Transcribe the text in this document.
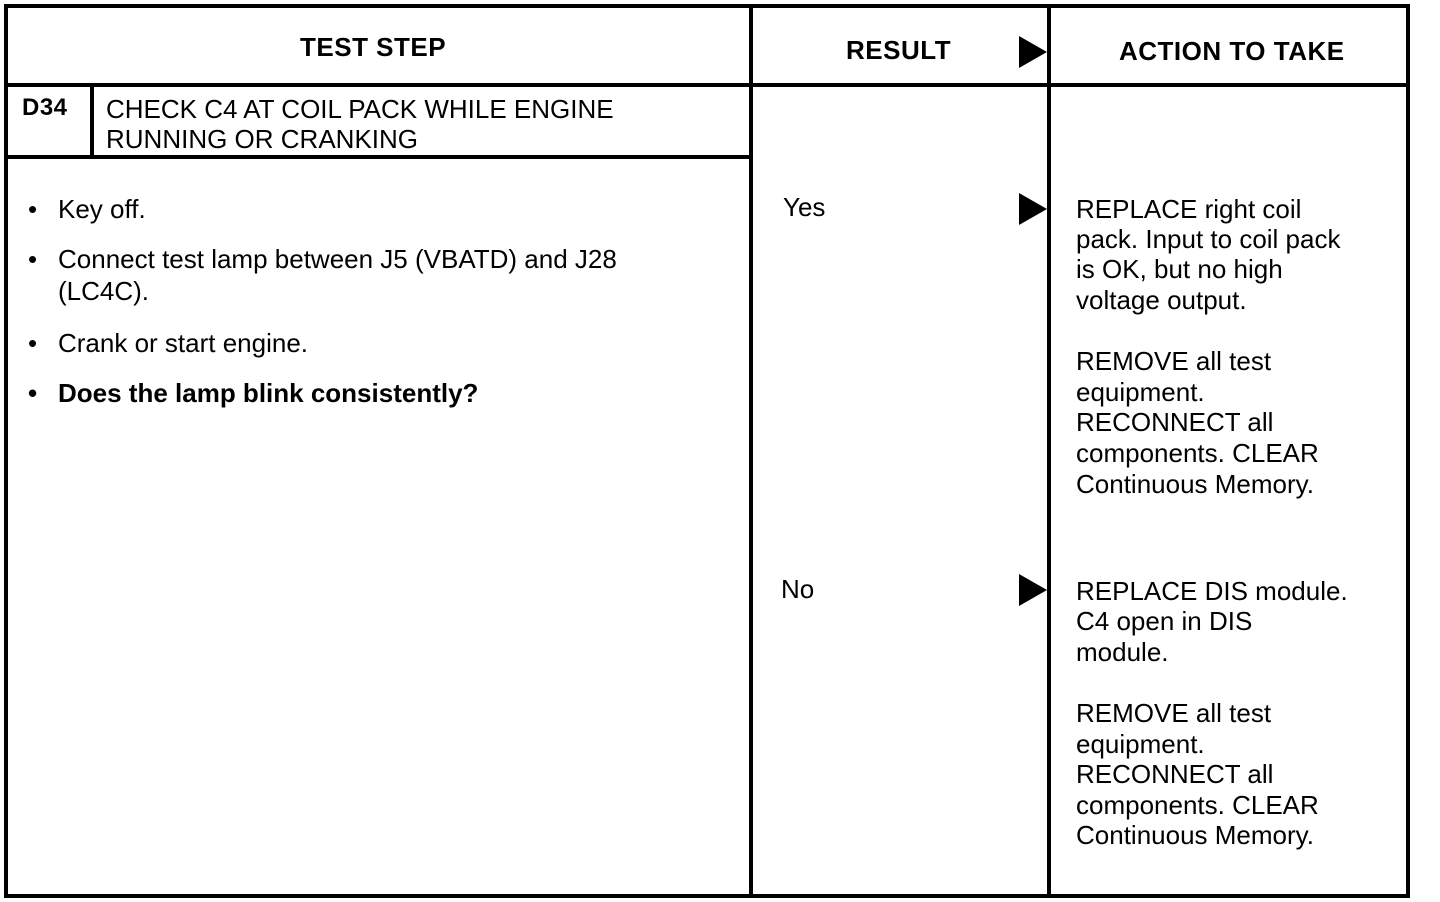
TEST STEP	RESULT	ACTION TO TAKE
D34 CHECK C4 AT COIL PACK WHILE ENGINE
RUNNING OR CRANKING
• Key off.
• Connect test lamp between J5 (VBATD) and J28
(LC4C).
• Crank or start engine.
• Does the lamp blink consistently?
Yes
No
REPLACE right coil
pack. Input to coil pack
is OK, but no high
voltage output.
REMOVE all test
equipment.
RECONNECT all
components. CLEAR
Continuous Memory.
REPLACE DIS module.
C4 open in DIS
module.
REMOVE all test
equipment.
RECONNECT all
components. CLEAR
Continuous Memory.
